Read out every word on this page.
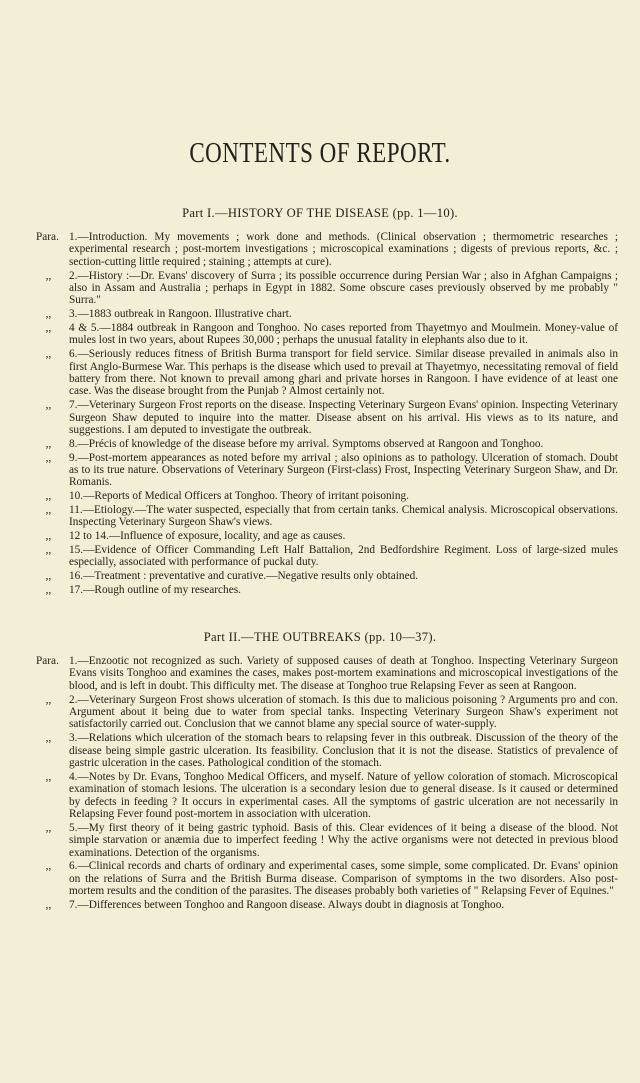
CONTENTS OF REPORT.
Part I.—HISTORY OF THE DISEASE (pp. 1—10).
Para. 1.—Introduction. My movements ; work done and methods. (Clinical observation ; thermometric researches ; experimental research ; post-mortem investigations ; microscopical examinations ; digests of previous reports, &c. ; section-cutting little required ; staining ; attempts at cure).
,,	2.—History :—Dr. Evans' discovery of Surra ; its possible occurrence during Persian War ; also in Afghan Campaigns ; also in Assam and Australia ; perhaps in Egypt in 1882. Some obscure cases previously observed by me probably " Surra."
,,	3.—1883 outbreak in Rangoon. Illustrative chart.
,,	4 & 5.—1884 outbreak in Rangoon and Tonghoo. No cases reported from Thayetmyo and Moulmein. Money-value of mules lost in two years, about Rupees 30,000 ; perhaps the unusual fatality in elephants also due to it.
,,	6.—Seriously reduces fitness of British Burma transport for field service. Similar disease prevailed in animals also in first Anglo-Burmese War. This perhaps is the disease which used to prevail at Thayetmyo, necessitating removal of field battery from there. Not known to prevail among ghari and private horses in Rangoon. I have evidence of at least one case. Was the disease brought from the Punjab ? Almost certainly not.
,,	7.—Veterinary Surgeon Frost reports on the disease. Inspecting Veterinary Surgeon Evans' opinion. Inspecting Veterinary Surgeon Shaw deputed to inquire into the matter. Disease absent on his arrival. His views as to its nature, and suggestions. I am deputed to investigate the outbreak.
,,	8.—Précis of knowledge of the disease before my arrival. Symptoms observed at Rangoon and Tonghoo.
,,	9.—Post-mortem appearances as noted before my arrival ; also opinions as to pathology. Ulceration of stomach. Doubt as to its true nature. Observations of Veterinary Surgeon (First-class) Frost, Inspecting Veterinary Surgeon Shaw, and Dr. Romanis.
,,	10.—Reports of Medical Officers at Tonghoo. Theory of irritant poisoning.
,,	11.—Etiology.—The water suspected, especially that from certain tanks. Chemical analysis. Microscopical observations. Inspecting Veterinary Surgeon Shaw's views.
,,	12 to 14.—Influence of exposure, locality, and age as causes.
,,	15.—Evidence of Officer Commanding Left Half Battalion, 2nd Bedfordshire Regiment. Loss of large-sized mules especially, associated with performance of puckal duty.
,,	16.—Treatment : preventative and curative.—Negative results only obtained.
,,	17.—Rough outline of my researches.
Part II.—THE OUTBREAKS (pp. 10—37).
Para. 1.—Enzootic not recognized as such. Variety of supposed causes of death at Tonghoo. Inspecting Veterinary Surgeon Evans visits Tonghoo and examines the cases, makes post-mortem examinations and microscopical investigations of the blood, and is left in doubt. This difficulty met. The disease at Tonghoo true Relapsing Fever as seen at Rangoon.
,,	2.—Veterinary Surgeon Frost shows ulceration of stomach. Is this due to malicious poisoning ? Arguments pro and con. Argument about it being due to water from special tanks. Inspecting Veterinary Surgeon Shaw's experiment not satisfactorily carried out. Conclusion that we cannot blame any special source of water-supply.
,,	3.—Relations which ulceration of the stomach bears to relapsing fever in this outbreak. Discussion of the theory of the disease being simple gastric ulceration. Its feasibility. Conclusion that it is not the disease. Statistics of prevalence of gastric ulceration in the cases. Pathological condition of the stomach.
,,	4.—Notes by Dr. Evans, Tonghoo Medical Officers, and myself. Nature of yellow coloration of stomach. Microscopical examination of stomach lesions. The ulceration is a secondary lesion due to general disease. Is it caused or determined by defects in feeding ? It occurs in experimental cases. All the symptoms of gastric ulceration are not necessarily in Relapsing Fever found post-mortem in association with ulceration.
,,	5.—My first theory of it being gastric typhoid. Basis of this. Clear evidences of it being a disease of the blood. Not simple starvation or anæmia due to imperfect feeding ! Why the active organisms were not detected in previous blood examinations. Detection of the organisms.
,,	6.—Clinical records and charts of ordinary and experimental cases, some simple, some complicated. Dr. Evans' opinion on the relations of Surra and the British Burma disease. Comparison of symptoms in the two disorders. Also post-mortem results and the condition of the parasites. The diseases probably both varieties of " Relapsing Fever of Equines."
,,	7.—Differences between Tonghoo and Rangoon disease. Always doubt in diagnosis at Tonghoo.
